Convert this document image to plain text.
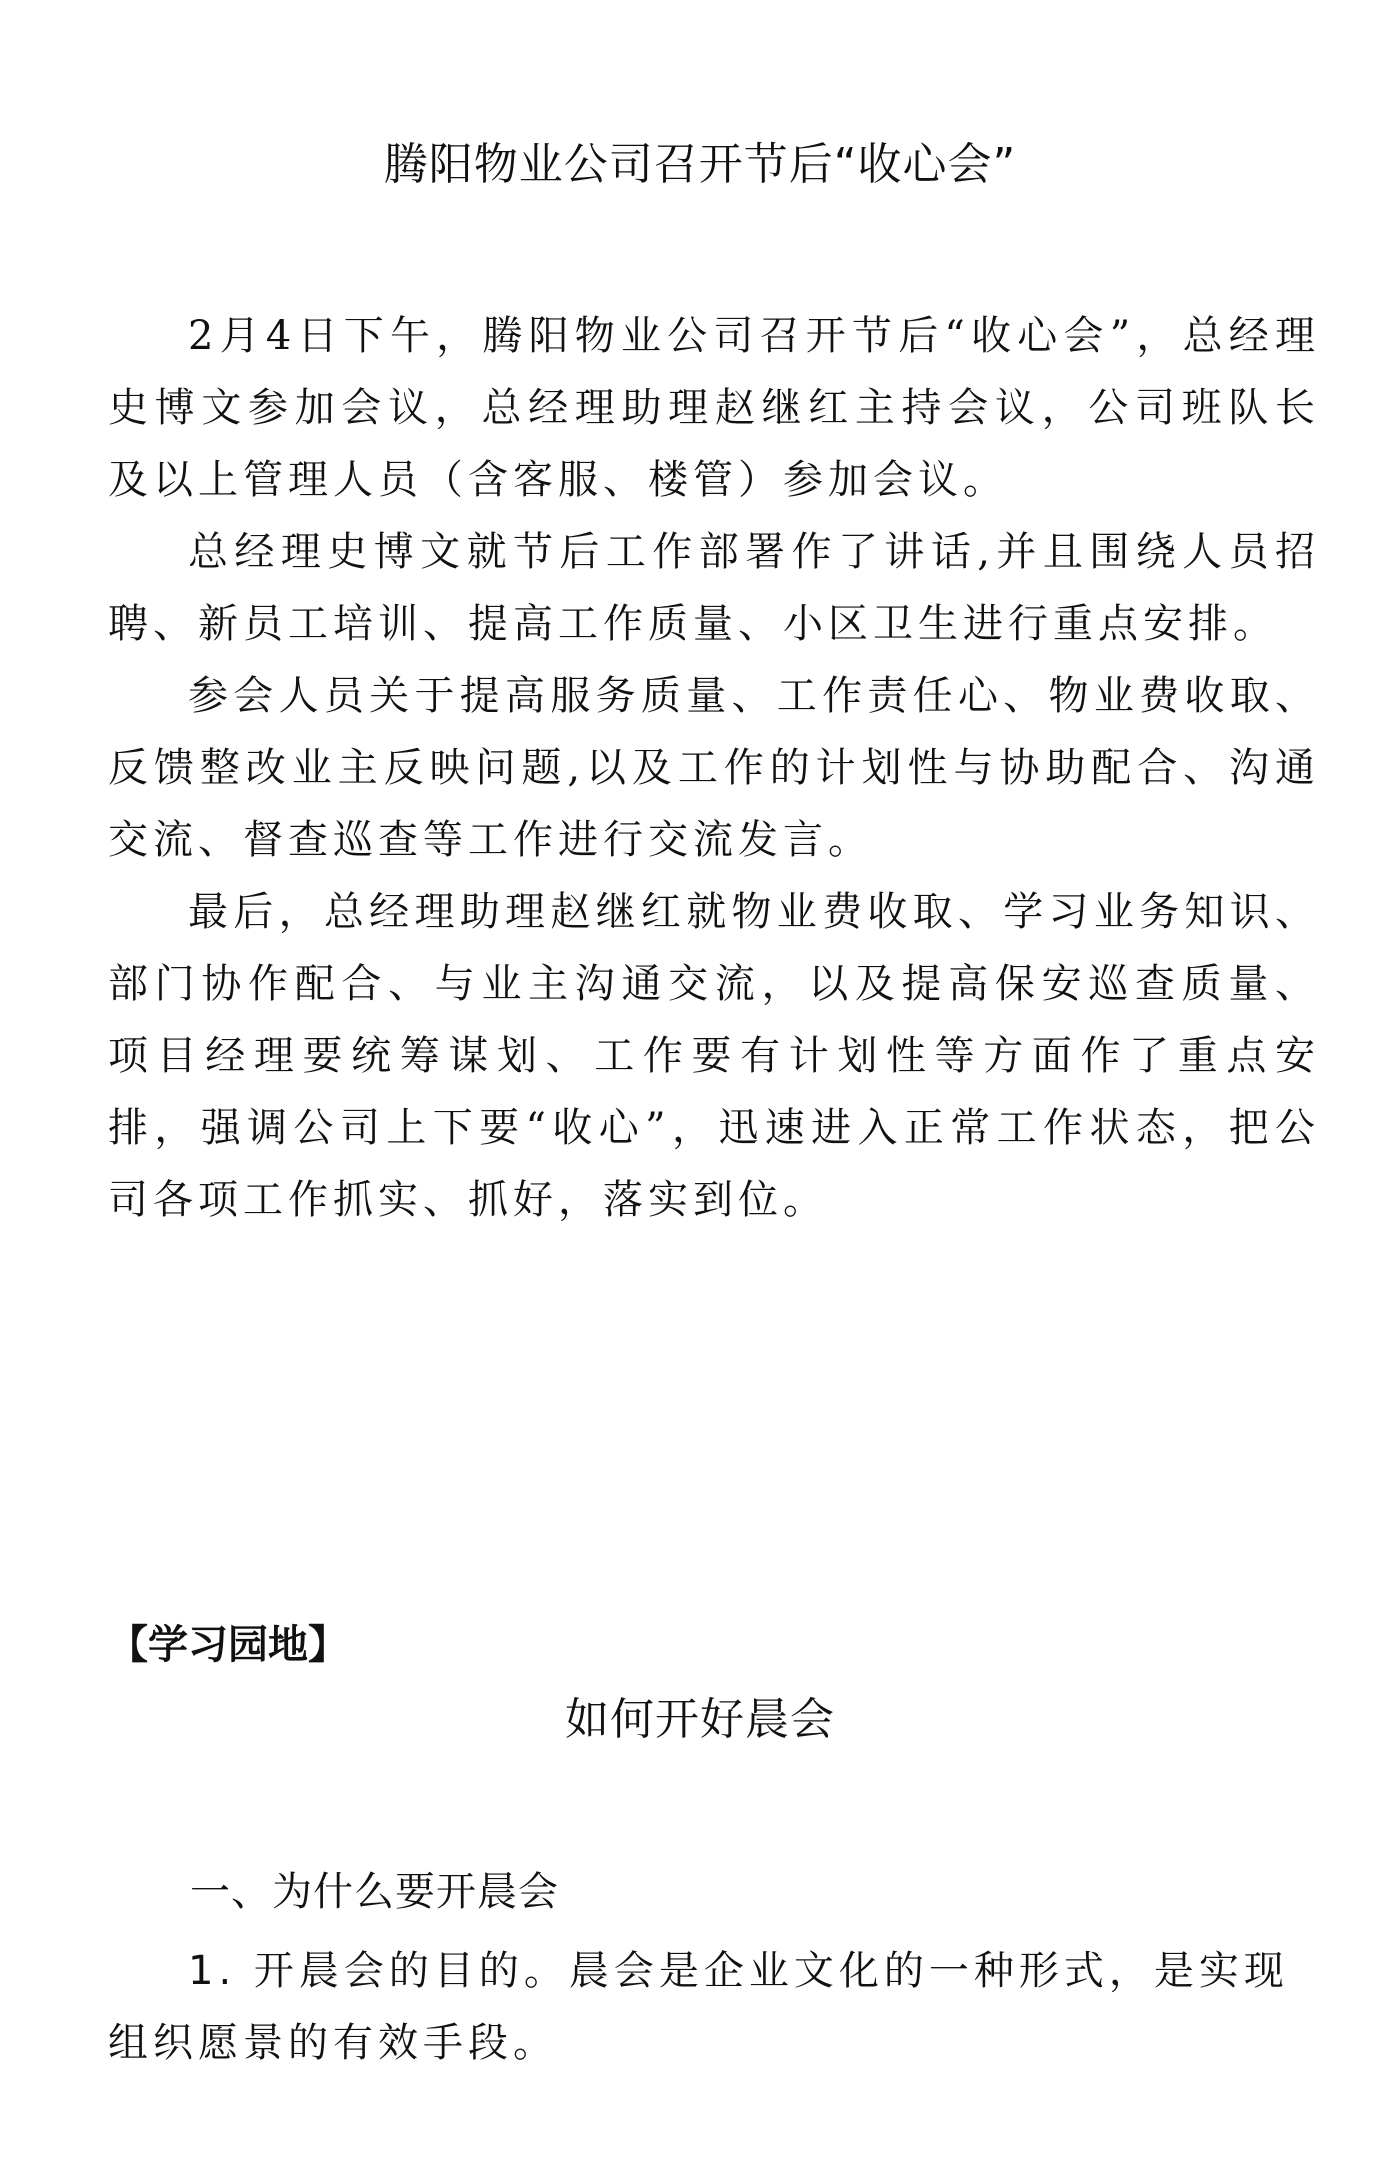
腾阳物业公司召开节后“收心会”

2月4日下午，腾阳物业公司召开节后“收心会”，总经理史博文参加会议，总经理助理赵继红主持会议，公司班队长及以上管理人员（含客服、楼管）参加会议。

总经理史博文就节后工作部署作了讲话,并且围绕人员招聘、新员工培训、提高工作质量、小区卫生进行重点安排。

参会人员关于提高服务质量、工作责任心、物业费收取、反馈整改业主反映问题,以及工作的计划性与协助配合、沟通交流、督查巡查等工作进行交流发言。

最后，总经理助理赵继红就物业费收取、学习业务知识、部门协作配合、与业主沟通交流，以及提高保安巡查质量、项目经理要统筹谋划、工作要有计划性等方面作了重点安排，强调公司上下要“收心”，迅速进入正常工作状态，把公司各项工作抓实、抓好，落实到位。

【学习园地】
如何开好晨会
一、为什么要开晨会
1. 开晨会的目的。晨会是企业文化的一种形式，是实现组织愿景的有效手段。
